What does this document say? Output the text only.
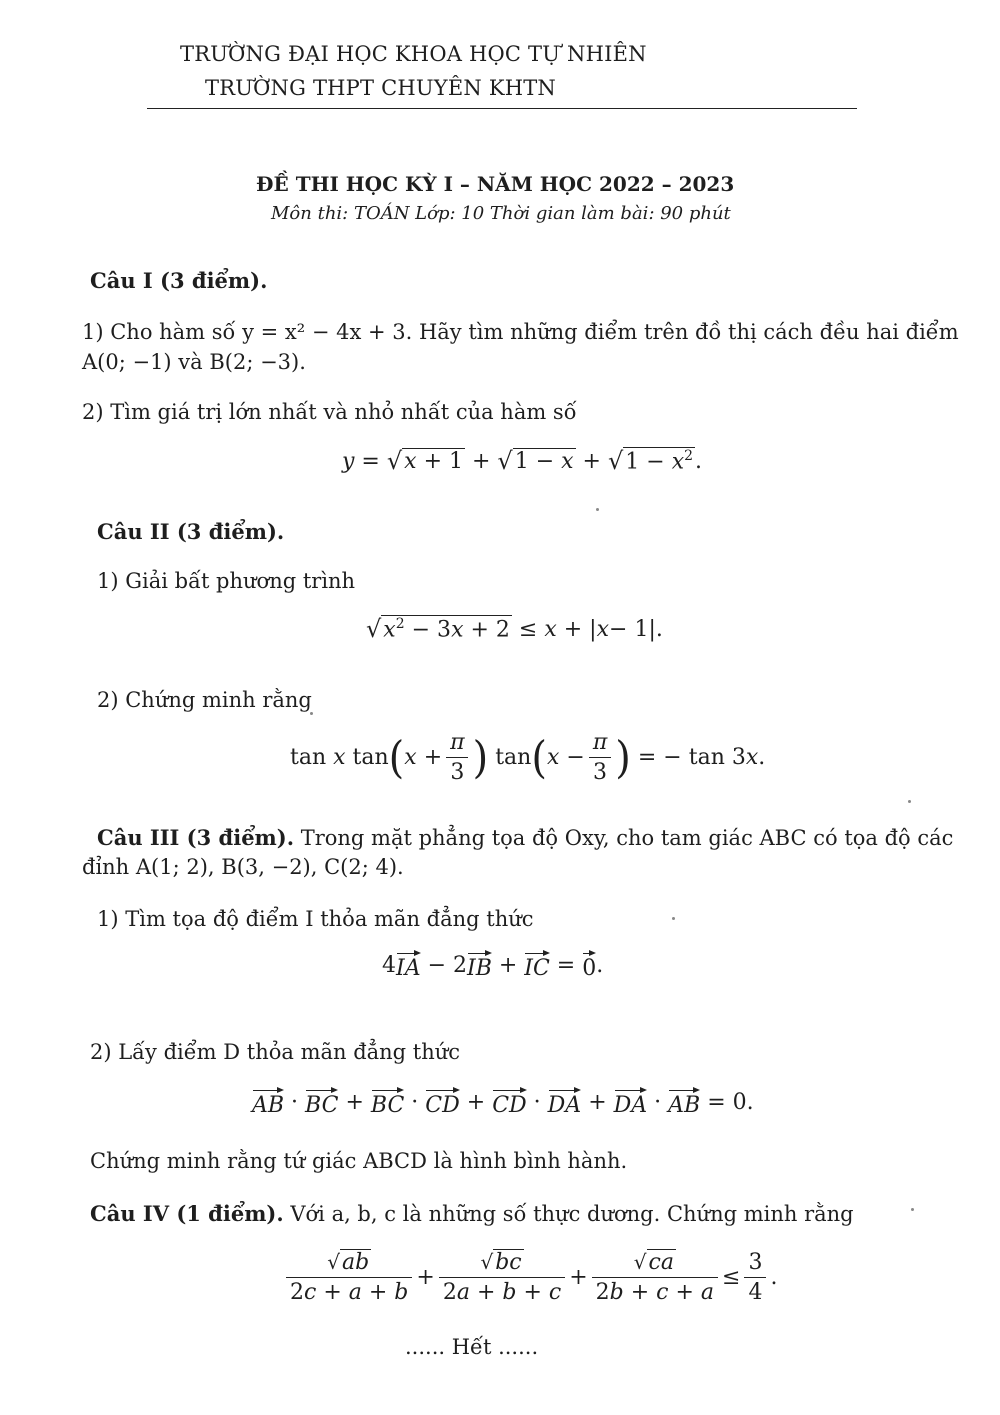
TRƯỜNG ĐẠI HỌC KHOA HỌC TỰ NHIÊN
TRƯỜNG THPT CHUYÊN KHTN
ĐỀ THI HỌC KỲ I – NĂM HỌC 2022 – 2023
Môn thi: TOÁN Lớp: 10 Thời gian làm bài: 90 phút
Câu I (3 điểm).
1) Cho hàm số y = x² − 4x + 3. Hãy tìm những điểm trên đồ thị cách đều hai điểm
A(0; −1) và B(2; −3).
2) Tìm giá trị lớn nhất và nhỏ nhất của hàm số
y = √ x + 1 + √ 1 − x + √ $1 - x^2$ .
Câu II (3 điểm).
1) Giải bất phương trình
√ $x^2 - 3x + 2 \le x$ + | x − 1|.
2) Chứng minh rằng
tan x tan ( $x + \frac{\pi}{3}$ ) tan ( $x - \frac{\pi}{3}$ ) = − tan 3 x .
Câu III (3 điểm). Trong mặt phẳng tọa độ Oxy, cho tam giác ABC có tọa độ các
đỉnh A(1; 2), B(3, −2), C(2; 4).
1) Tìm tọa độ điểm I thỏa mãn đẳng thức
4 IA − 2 IB + IC = 0 .
2) Lấy điểm D thỏa mãn đẳng thức
AB · BC + BC · CD + CD · DA + DA · AB = 0.
Chứng minh rằng tứ giác ABCD là hình bình hành.
Câu IV (1 điểm). Với a, b, c là những số thực dương. Chứng minh rằng
$\frac{√ab}{2c + a + b} + \frac{√bc}{2a + b + c} + \frac{√ca}{2b + c + a} \le \frac{3}{4}$ .
...... Hết ......
